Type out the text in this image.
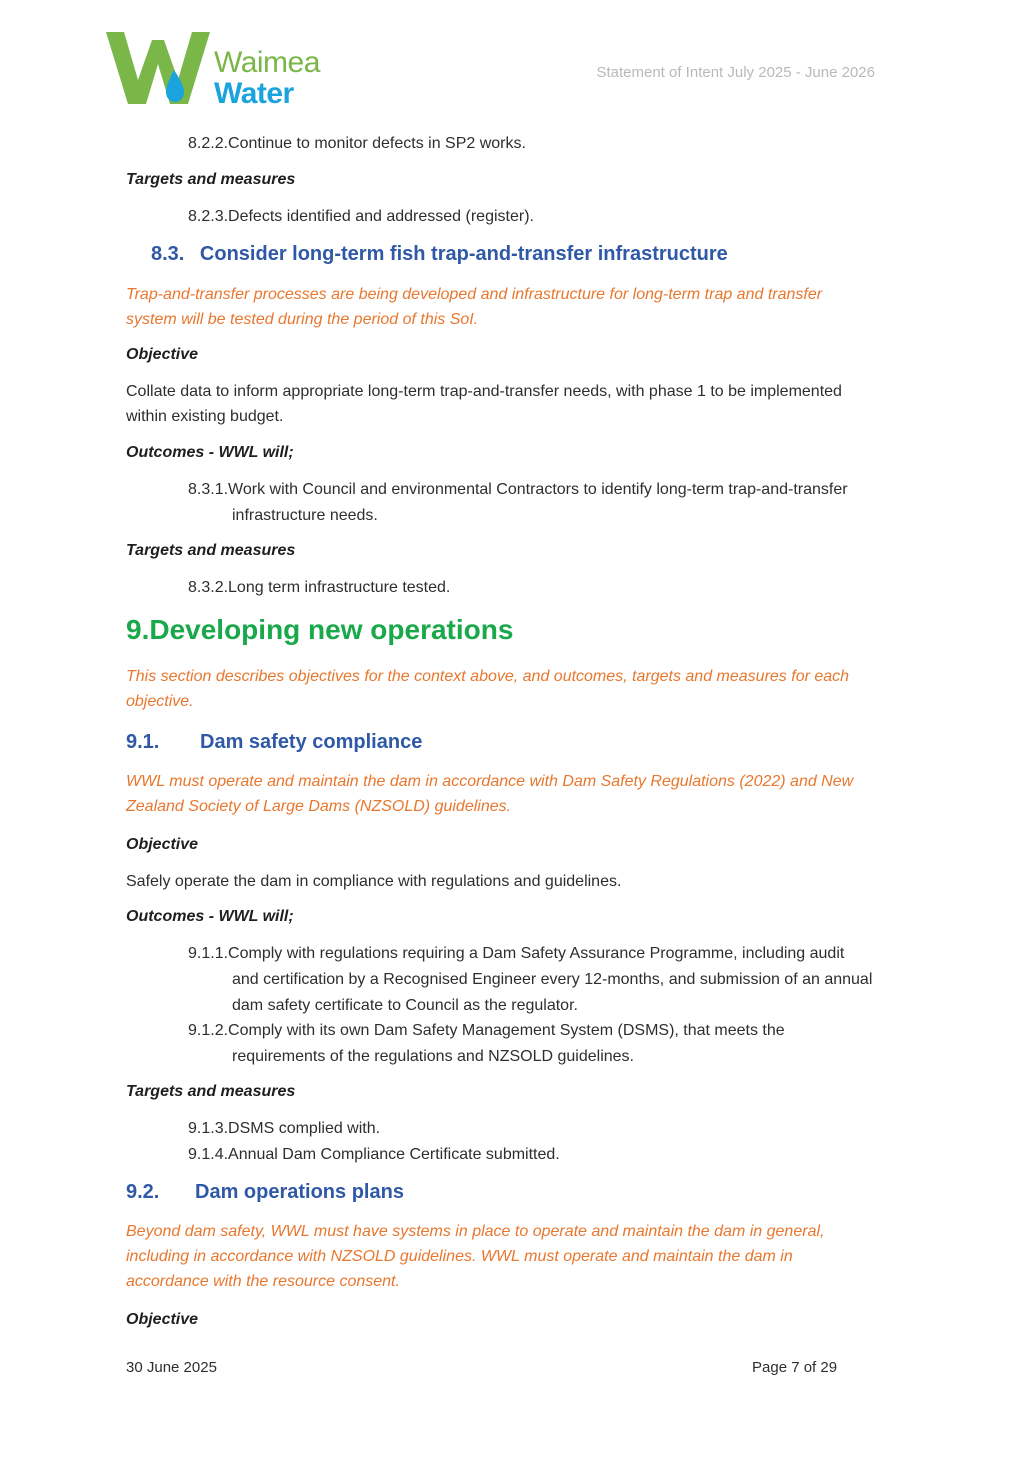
Waimea
Water
Statement of Intent July 2025 - June 2026
8.2.2.Continue to monitor defects in SP2 works.
Targets and measures
8.2.3.Defects identified and addressed (register).
8.3. Consider long-term fish trap-and-transfer infrastructure
Trap-and-transfer processes are being developed and infrastructure for long-term trap and transfer
system will be tested during the period of this SoI.
Objective
Collate data to inform appropriate long-term trap-and-transfer needs, with phase 1 to be implemented
within existing budget.
Outcomes - WWL will;
8.3.1.Work with Council and environmental Contractors to identify long-term trap-and-transfer
infrastructure needs.
Targets and measures
8.3.2.Long term infrastructure tested.
9.Developing new operations
This section describes objectives for the context above, and outcomes, targets and measures for each
objective.
9.1. Dam safety compliance
WWL must operate and maintain the dam in accordance with Dam Safety Regulations (2022) and New
Zealand Society of Large Dams (NZSOLD) guidelines.
Objective
Safely operate the dam in compliance with regulations and guidelines.
Outcomes - WWL will;
9.1.1.Comply with regulations requiring a Dam Safety Assurance Programme, including audit
and certification by a Recognised Engineer every 12-months, and submission of an annual
dam safety certificate to Council as the regulator.
9.1.2.Comply with its own Dam Safety Management System (DSMS), that meets the
requirements of the regulations and NZSOLD guidelines.
Targets and measures
9.1.3.DSMS complied with.
9.1.4.Annual Dam Compliance Certificate submitted.
9.2. Dam operations plans
Beyond dam safety, WWL must have systems in place to operate and maintain the dam in general,
including in accordance with NZSOLD guidelines. WWL must operate and maintain the dam in
accordance with the resource consent.
Objective
30 June 2025	Page 7 of 29
